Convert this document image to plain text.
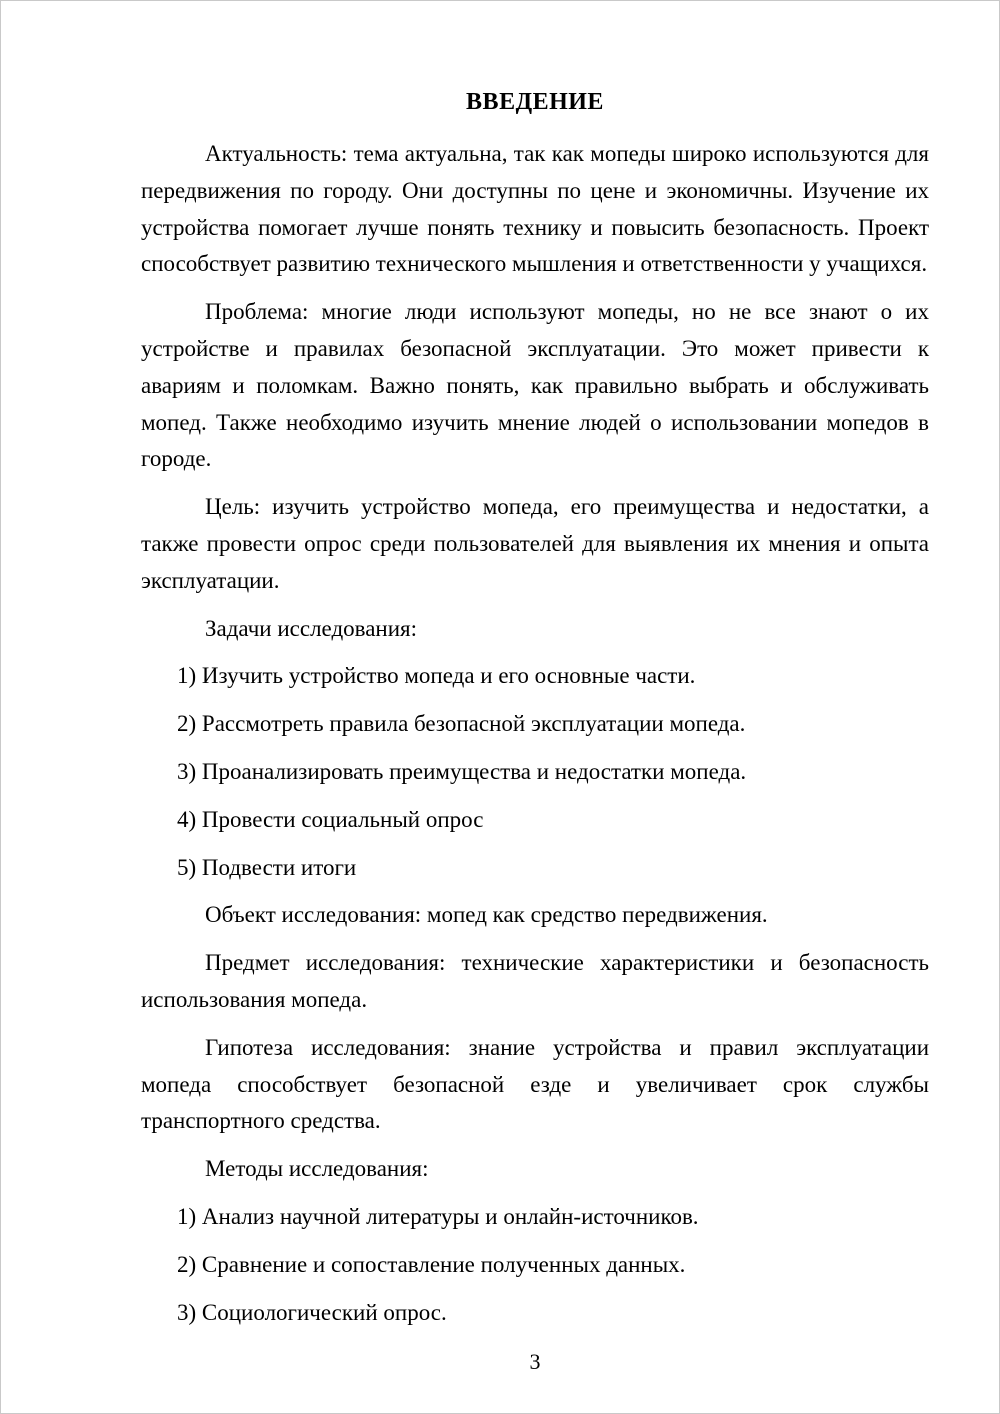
ВВЕДЕНИЕ

Актуальность: тема актуальна, так как мопеды широко используются для передвижения по городу. Они доступны по цене и экономичны. Изучение их устройства помогает лучше понять технику и повысить безопасность. Проект способствует развитию технического мышления и ответственности у учащихся.

Проблема: многие люди используют мопеды, но не все знают о их устройстве и правилах безопасной эксплуатации. Это может привести к авариям и поломкам. Важно понять, как правильно выбрать и обслуживать мопед. Также необходимо изучить мнение людей о использовании мопедов в городе.

Цель: изучить устройство мопеда, его преимущества и недостатки, а также провести опрос среди пользователей для выявления их мнения и опыта эксплуатации.

Задачи исследования:

1) Изучить устройство мопеда и его основные части.

2) Рассмотреть правила безопасной эксплуатации мопеда.

3) Проанализировать преимущества и недостатки мопеда.

4) Провести социальный опрос

5) Подвести итоги

Объект исследования: мопед как средство передвижения.

Предмет исследования: технические характеристики и безопасность использования мопеда.

Гипотеза исследования: знание устройства и правил эксплуатации мопеда способствует безопасной езде и увеличивает срок службы транспортного средства.

Методы исследования:

1) Анализ научной литературы и онлайн-источников.

2) Сравнение и сопоставление полученных данных.

3) Социологический опрос.

3
